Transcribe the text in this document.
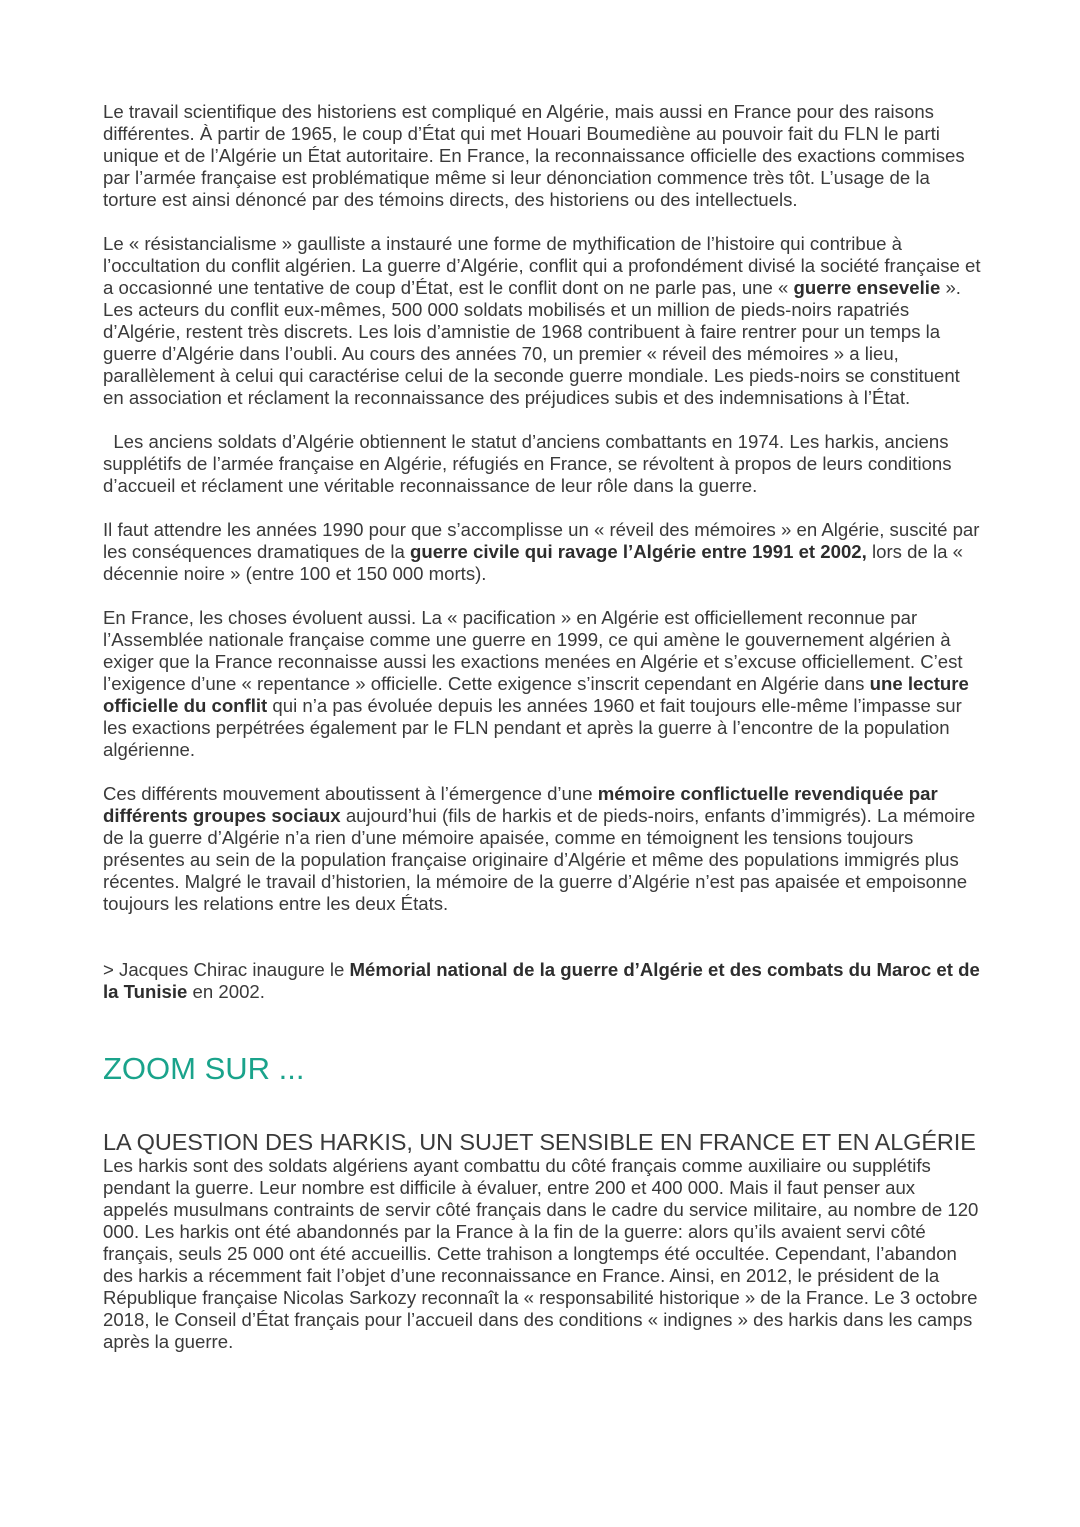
Le travail scientifique des historiens est compliqué en Algérie, mais aussi en France pour des raisons différentes. À partir de 1965, le coup d’État qui met Houari Boumediène au pouvoir fait du FLN le parti unique et de l’Algérie un État autoritaire. En France, la reconnaissance officielle des exactions commises par l’armée française est problématique même si leur dénonciation commence très tôt. L’usage de la torture est ainsi dénoncé par des témoins directs, des historiens ou des intellectuels.

Le « résistancialisme » gaulliste a instauré une forme de mythification de l’histoire qui contribue à l’occultation du conflit algérien. La guerre d’Algérie, conflit qui a profondément divisé la société française et a occasionné une tentative de coup d’État, est le conflit dont on ne parle pas, une « guerre ensevelie ». Les acteurs du conflit eux-mêmes, 500 000 soldats mobilisés et un million de pieds-noirs rapatriés d’Algérie, restent très discrets. Les lois d’amnistie de 1968 contribuent à faire rentrer pour un temps la guerre d’Algérie dans l’oubli. Au cours des années 70, un premier « réveil des mémoires » a lieu, parallèlement à celui qui caractérise celui de la seconde guerre mondiale. Les pieds-noirs se constituent en association et réclament la reconnaissance des préjudices subis et des indemnisations à l’État.

Les anciens soldats d’Algérie obtiennent le statut d’anciens combattants en 1974. Les harkis, anciens supplétifs de l’armée française en Algérie, réfugiés en France, se révoltent à propos de leurs conditions d’accueil et réclament une véritable reconnaissance de leur rôle dans la guerre.

Il faut attendre les années 1990 pour que s’accomplisse un « réveil des mémoires » en Algérie, suscité par les conséquences dramatiques de la guerre civile qui ravage l’Algérie entre 1991 et 2002, lors de la « décennie noire » (entre 100 et 150 000 morts).

En France, les choses évoluent aussi. La « pacification » en Algérie est officiellement reconnue par l’Assemblée nationale française comme une guerre en 1999, ce qui amène le gouvernement algérien à exiger que la France reconnaisse aussi les exactions menées en Algérie et s’excuse officiellement. C’est l’exigence d’une « repentance » officielle. Cette exigence s’inscrit cependant en Algérie dans une lecture officielle du conflit qui n’a pas évoluée depuis les années 1960 et fait toujours elle-même l’impasse sur les exactions perpétrées également par le FLN pendant et après la guerre à l’encontre de la population algérienne.

Ces différents mouvement aboutissent à l’émergence d’une mémoire conflictuelle revendiquée par différents groupes sociaux aujourd’hui (fils de harkis et de pieds-noirs, enfants d’immigrés). La mémoire de la guerre d’Algérie n’a rien d’une mémoire apaisée, comme en témoignent les tensions toujours présentes au sein de la population française originaire d’Algérie et même des populations immigrés plus récentes. Malgré le travail d’historien, la mémoire de la guerre d’Algérie n’est pas apaisée et empoisonne toujours les relations entre les deux États.

> Jacques Chirac inaugure le Mémorial national de la guerre d’Algérie et des combats du Maroc et de la Tunisie en 2002.

ZOOM SUR ...
LA QUESTION DES HARKIS, UN SUJET SENSIBLE EN FRANCE ET EN ALGÉRIE

Les harkis sont des soldats algériens ayant combattu du côté français comme auxiliaire ou supplétifs pendant la guerre. Leur nombre est difficile à évaluer, entre 200 et 400 000. Mais il faut penser aux appelés musulmans contraints de servir côté français dans le cadre du service militaire, au nombre de 120 000. Les harkis ont été abandonnés par la France à la fin de la guerre: alors qu’ils avaient servi côté français, seuls 25 000 ont été accueillis. Cette trahison a longtemps été occultée. Cependant, l’abandon des harkis a récemment fait l’objet d’une reconnaissance en France. Ainsi, en 2012, le président de la République française Nicolas Sarkozy reconnaît la « responsabilité historique » de la France. Le 3 octobre 2018, le Conseil d’État français pour l’accueil dans des conditions « indignes » des harkis dans les camps après la guerre.
